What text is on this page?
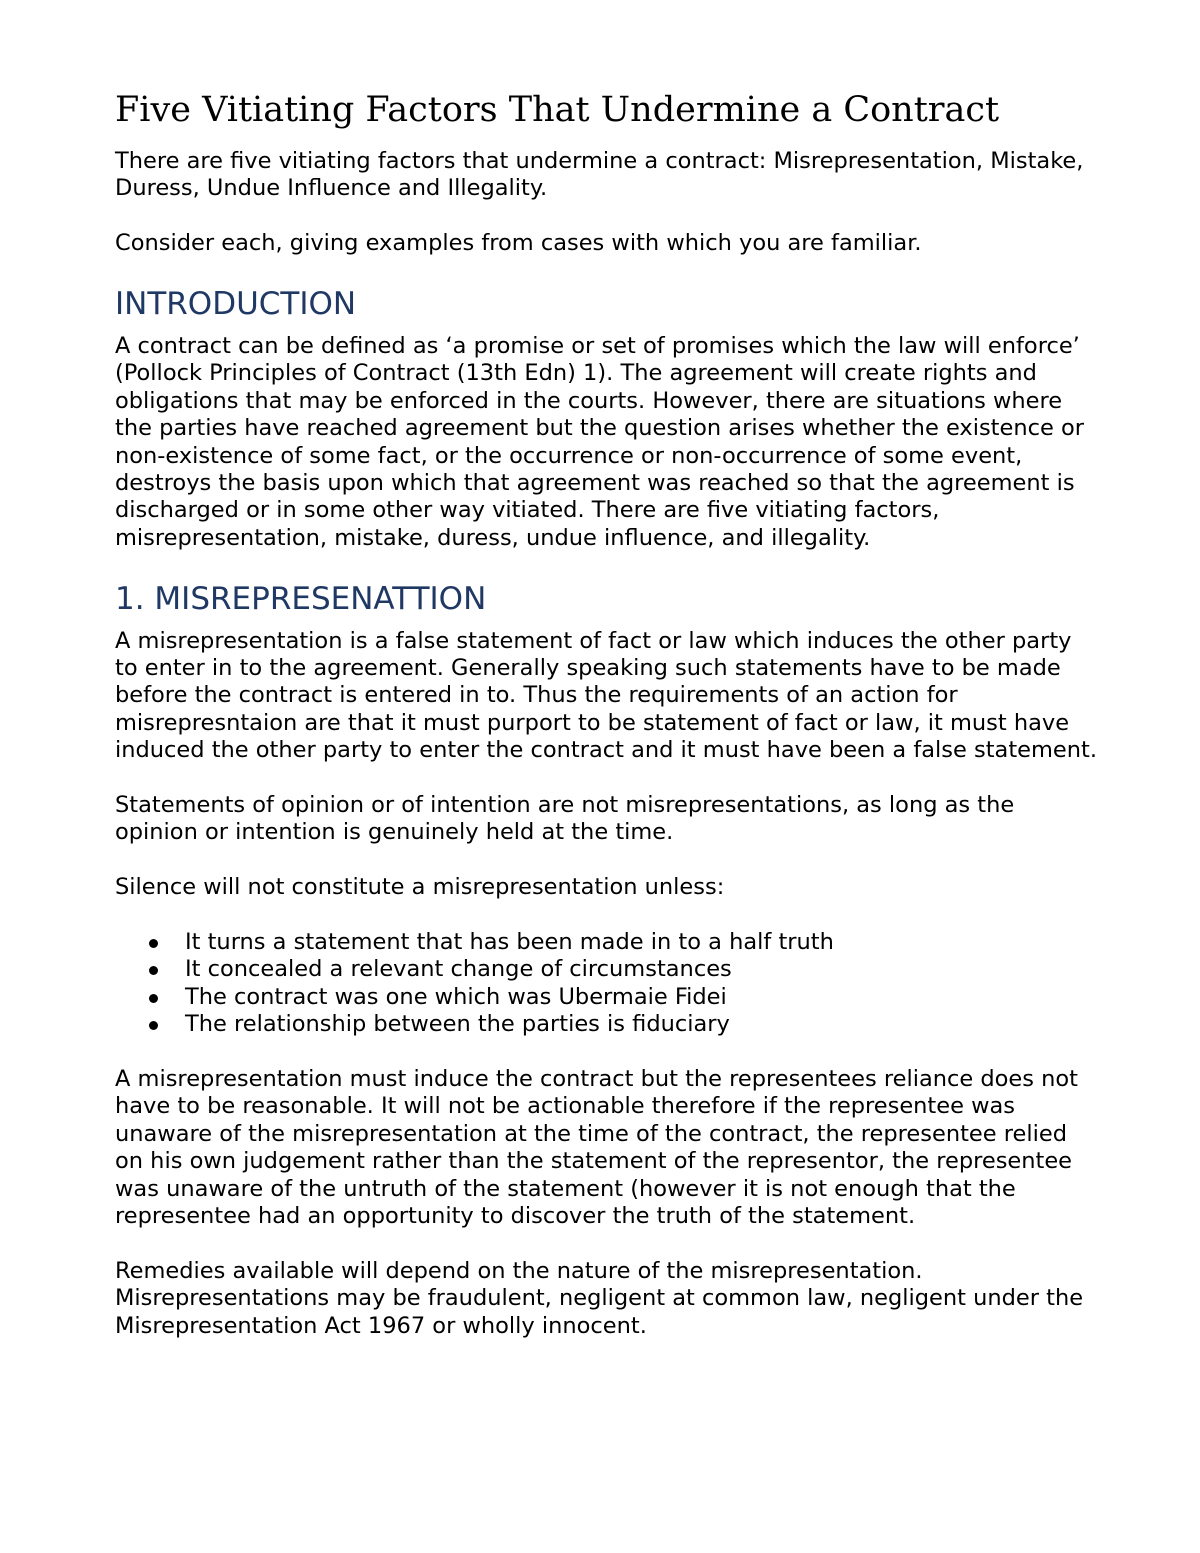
Five Vitiating Factors That Undermine a Contract

There are five vitiating factors that undermine a contract: Misrepresentation, Mistake, Duress, Undue Influence and Illegality.

Consider each, giving examples from cases with which you are familiar.

INTRODUCTION

A contract can be defined as ‘a promise or set of promises which the law will enforce’ (Pollock Principles of Contract (13th Edn) 1). The agreement will create rights and obligations that may be enforced in the courts. However, there are situations where the parties have reached agreement but the question arises whether the existence or non-existence of some fact, or the occurrence or non-occurrence of some event, destroys the basis upon which that agreement was reached so that the agreement is discharged or in some other way vitiated. There are five vitiating factors, misrepresentation, mistake, duress, undue influence, and illegality.

1. MISREPRESENATTION

A misrepresentation is a false statement of fact or law which induces the other party to enter in to the agreement. Generally speaking such statements have to be made before the contract is entered in to. Thus the requirements of an action for misrepresntaion are that it must purport to be statement of fact or law, it must have induced the other party to enter the contract and it must have been a false statement.

Statements of opinion or of intention are not misrepresentations, as long as the opinion or intention is genuinely held at the time.

Silence will not constitute a misrepresentation unless:

It turns a statement that has been made in to a half truth
It concealed a relevant change of circumstances
The contract was one which was Ubermaie Fidei
The relationship between the parties is fiduciary

A misrepresentation must induce the contract but the representees reliance does not have to be reasonable. It will not be actionable therefore if the representee was unaware of the misrepresentation at the time of the contract, the representee relied on his own judgement rather than the statement of the representor, the representee was unaware of the untruth of the statement (however it is not enough that the representee had an opportunity to discover the truth of the statement.

Remedies available will depend on the nature of the misrepresentation. Misrepresentations may be fraudulent, negligent at common law, negligent under the Misrepresentation Act 1967 or wholly innocent.
